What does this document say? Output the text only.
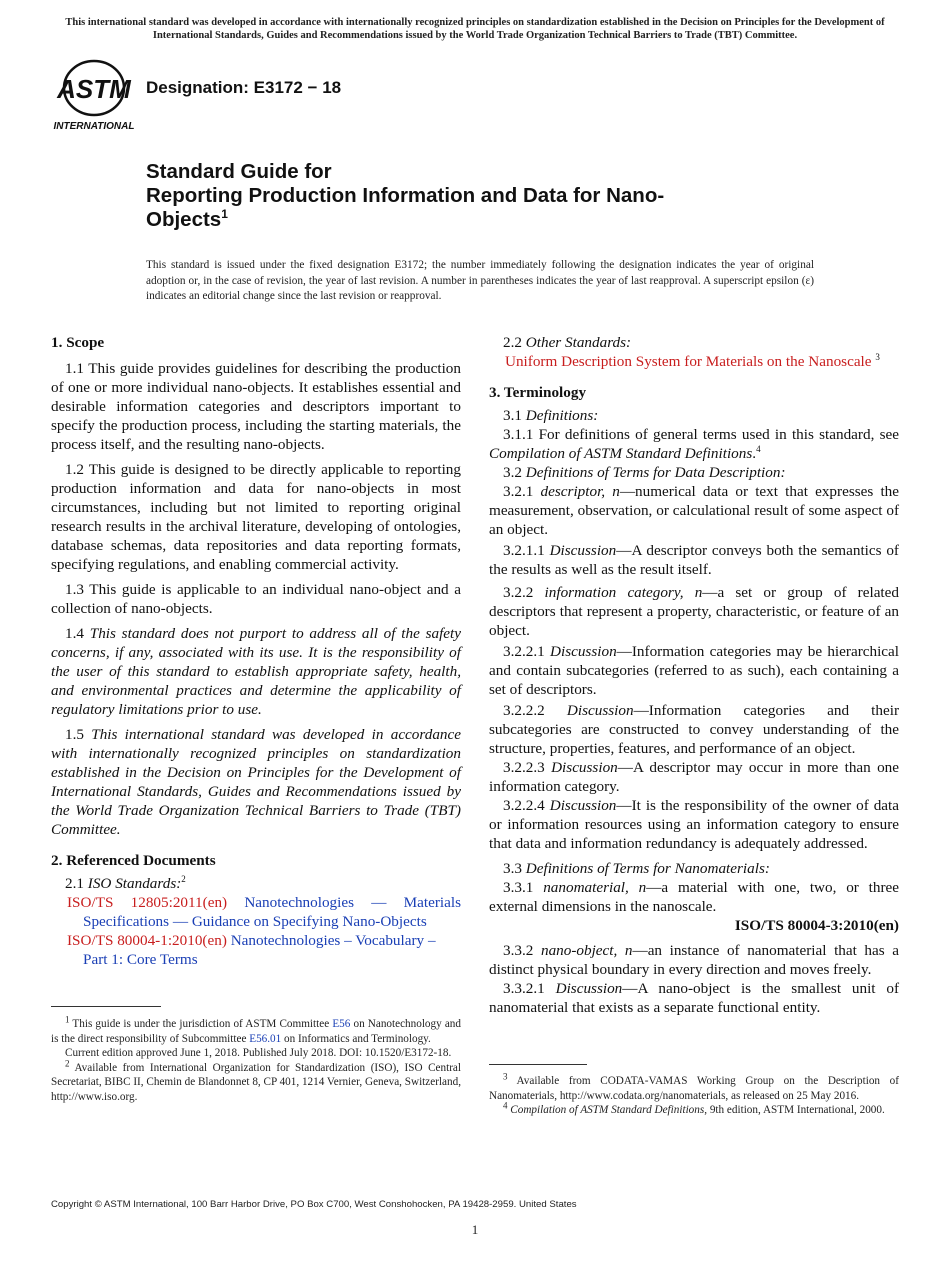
This international standard was developed in accordance with internationally recognized principles on standardization established in the Decision on Principles for the Development of International Standards, Guides and Recommendations issued by the World Trade Organization Technical Barriers to Trade (TBT) Committee.
ASTM
INTERNATIONAL
Designation: E3172 − 18
Standard Guide for
Reporting Production Information and Data for Nano-
Objects$^1$
This standard is issued under the fixed designation E3172; the number immediately following the designation indicates the year of original adoption or, in the case of revision, the year of last revision. A number in parentheses indicates the year of last reapproval. A superscript epsilon (ε) indicates an editorial change since the last revision or reapproval.
1. Scope

1.1 This guide provides guidelines for describing the production of one or more individual nano-objects. It establishes essential and desirable information categories and descriptors important to specify the production process, including the starting materials, the process itself, and the resulting nano-objects.

1.2 This guide is designed to be directly applicable to reporting production information and data for nano-objects in most circumstances, including but not limited to reporting original research results in the archival literature, developing of ontologies, database schemas, data repositories and data reporting formats, specifying regulations, and enabling commercial activity.

1.3 This guide is applicable to an individual nano-object and a collection of nano-objects.

1.4 This standard does not purport to address all of the safety concerns, if any, associated with its use. It is the responsibility of the user of this standard to establish appropriate safety, health, and environmental practices and determine the applicability of regulatory limitations prior to use.

1.5 This international standard was developed in accordance with internationally recognized principles on standardization established in the Decision on Principles for the Development of International Standards, Guides and Recommendations issued by the World Trade Organization Technical Barriers to Trade (TBT) Committee.

2. Referenced Documents

2.1 ISO Standards:$^2$

ISO/TS 12805:2011(en) Nanotechnologies — Materials Specifications — Guidance on Specifying Nano-Objects

ISO/TS 80004-1:2010(en) Nanotechnologies – Vocabulary – Part 1: Core Terms

$^1$ This guide is under the jurisdiction of ASTM Committee E56 on Nanotechnology and is the direct responsibility of Subcommittee E56.01 on Informatics and Terminology.

Current edition approved June 1, 2018. Published July 2018. DOI: 10.1520/E3172-18.

$^2$ Available from International Organization for Standardization (ISO), ISO Central Secretariat, BIBC II, Chemin de Blandonnet 8, CP 401, 1214 Vernier, Geneva, Switzerland, http://www.iso.org.

2.2 Other Standards:

Uniform Description System for Materials on the Nanoscale $^3$

3. Terminology

3.1 Definitions:

3.1.1 For definitions of general terms used in this standard, see Compilation of ASTM Standard Definitions.$^4$

3.2 Definitions of Terms for Data Description:

3.2.1 descriptor, n—numerical data or text that expresses the measurement, observation, or calculational result of some aspect of an object.

3.2.1.1 Discussion—A descriptor conveys both the semantics of the results as well as the result itself.

3.2.2 information category, n—a set or group of related descriptors that represent a property, characteristic, or feature of an object.

3.2.2.1 Discussion—Information categories may be hierarchical and contain subcategories (referred to as such), each containing a set of descriptors.

3.2.2.2 Discussion—Information categories and their subcategories are constructed to convey understanding of the structure, properties, features, and performance of an object.

3.2.2.3 Discussion—A descriptor may occur in more than one information category.

3.2.2.4 Discussion—It is the responsibility of the owner of data or information resources using an information category to ensure that data and information redundancy is adequately addressed.

3.3 Definitions of Terms for Nanomaterials:

3.3.1 nanomaterial, n—a material with one, two, or three external dimensions in the nanoscale.

ISO/TS 80004-3:2010(en)

3.3.2 nano-object, n—an instance of nanomaterial that has a distinct physical boundary in every direction and moves freely.

3.3.2.1 Discussion—A nano-object is the smallest unit of nanomaterial that exists as a separate functional entity.

$^3$ Available from CODATA-VAMAS Working Group on the Description of Nanomaterials, http://www.codata.org/nanomaterials, as released on 25 May 2016.

$^4$ Compilation of ASTM Standard Definitions, 9th edition, ASTM International, 2000.

Copyright © ASTM International, 100 Barr Harbor Drive, PO Box C700, West Conshohocken, PA 19428-2959. United States
1
